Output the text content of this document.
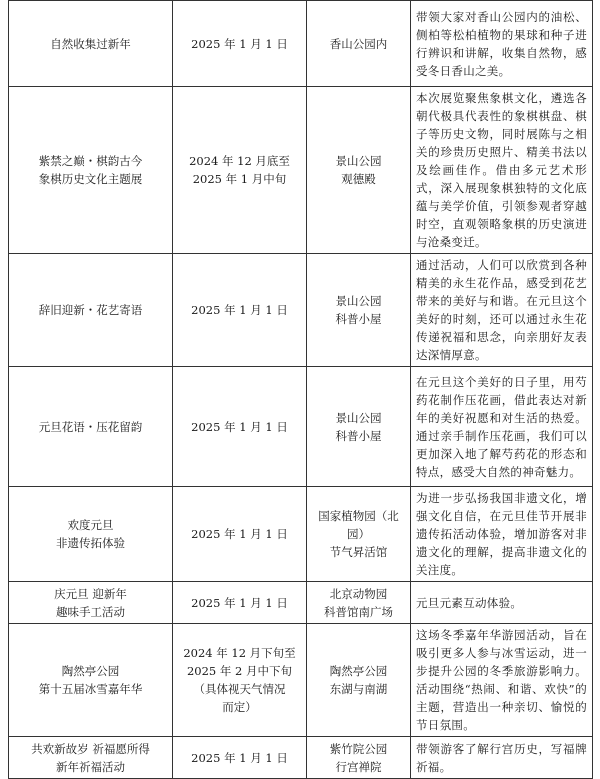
自然收集过新年	2025 年 1 月 1 日	香山公园内	带领大家对香山公园内的油松、侧柏等松柏植物的果球和种子进行辨识和讲解，收集自然物，感受冬日香山之美。

紫禁之巅・棋韵古今
象棋历史文化主题展	2024 年 12 月底至
2025 年 1 月中旬	景山公园
观德殿	本次展览聚焦象棋文化，遴选各朝代极具代表性的象棋棋盘、棋子等历史文物，同时展陈与之相关的珍贵历史照片、精美书法以及绘画佳作。借由多元艺术形式，深入展现象棋独特的文化底蕴与美学价值，引领参观者穿越时空，直观领略象棋的历史演进与沧桑变迁。

辞旧迎新・花艺寄语	2025 年 1 月 1 日	景山公园
科普小屋	通过活动，人们可以欣赏到各种精美的永生花作品，感受到花艺带来的美好与和谐。在元旦这个美好的时刻，还可以通过永生花传递祝福和思念，向亲朋好友表达深情厚意。

元旦花语・压花留韵	2025 年 1 月 1 日	景山公园
科普小屋	在元旦这个美好的日子里，用芍药花制作压花画，借此表达对新年的美好祝愿和对生活的热爱。通过亲手制作压花画，我们可以更加深入地了解芍药花的形态和特点，感受大自然的神奇魅力。

欢度元旦
非遗传拓体验	2025 年 1 月 1 日	国家植物园（北园）
节气昇活馆	为进一步弘扬我国非遗文化，增强文化自信，在元旦佳节开展非遗传拓活动体验，增加游客对非遗文化的理解，提高非遗文化的关注度。

庆元旦 迎新年
趣味手工活动	2025 年 1 月 1 日	北京动物园
科普馆南广场	元旦元素互动体验。

陶然亭公园
第十五届冰雪嘉年华	2024 年 12 月下旬至
2025 年 2 月中下旬
（具体视天气情况
而定）	陶然亭公园
东湖与南湖	这场冬季嘉年华游园活动，旨在吸引更多人参与冰雪运动，进一步提升公园的冬季旅游影响力。活动围绕“热闹、和谐、欢快”的主题，营造出一种亲切、愉悦的节日氛围。

共欢新故岁 祈福愿所得
新年祈福活动	2025 年 1 月 1 日	紫竹院公园
行宫禅院	带领游客了解行宫历史，写福牌祈福。
